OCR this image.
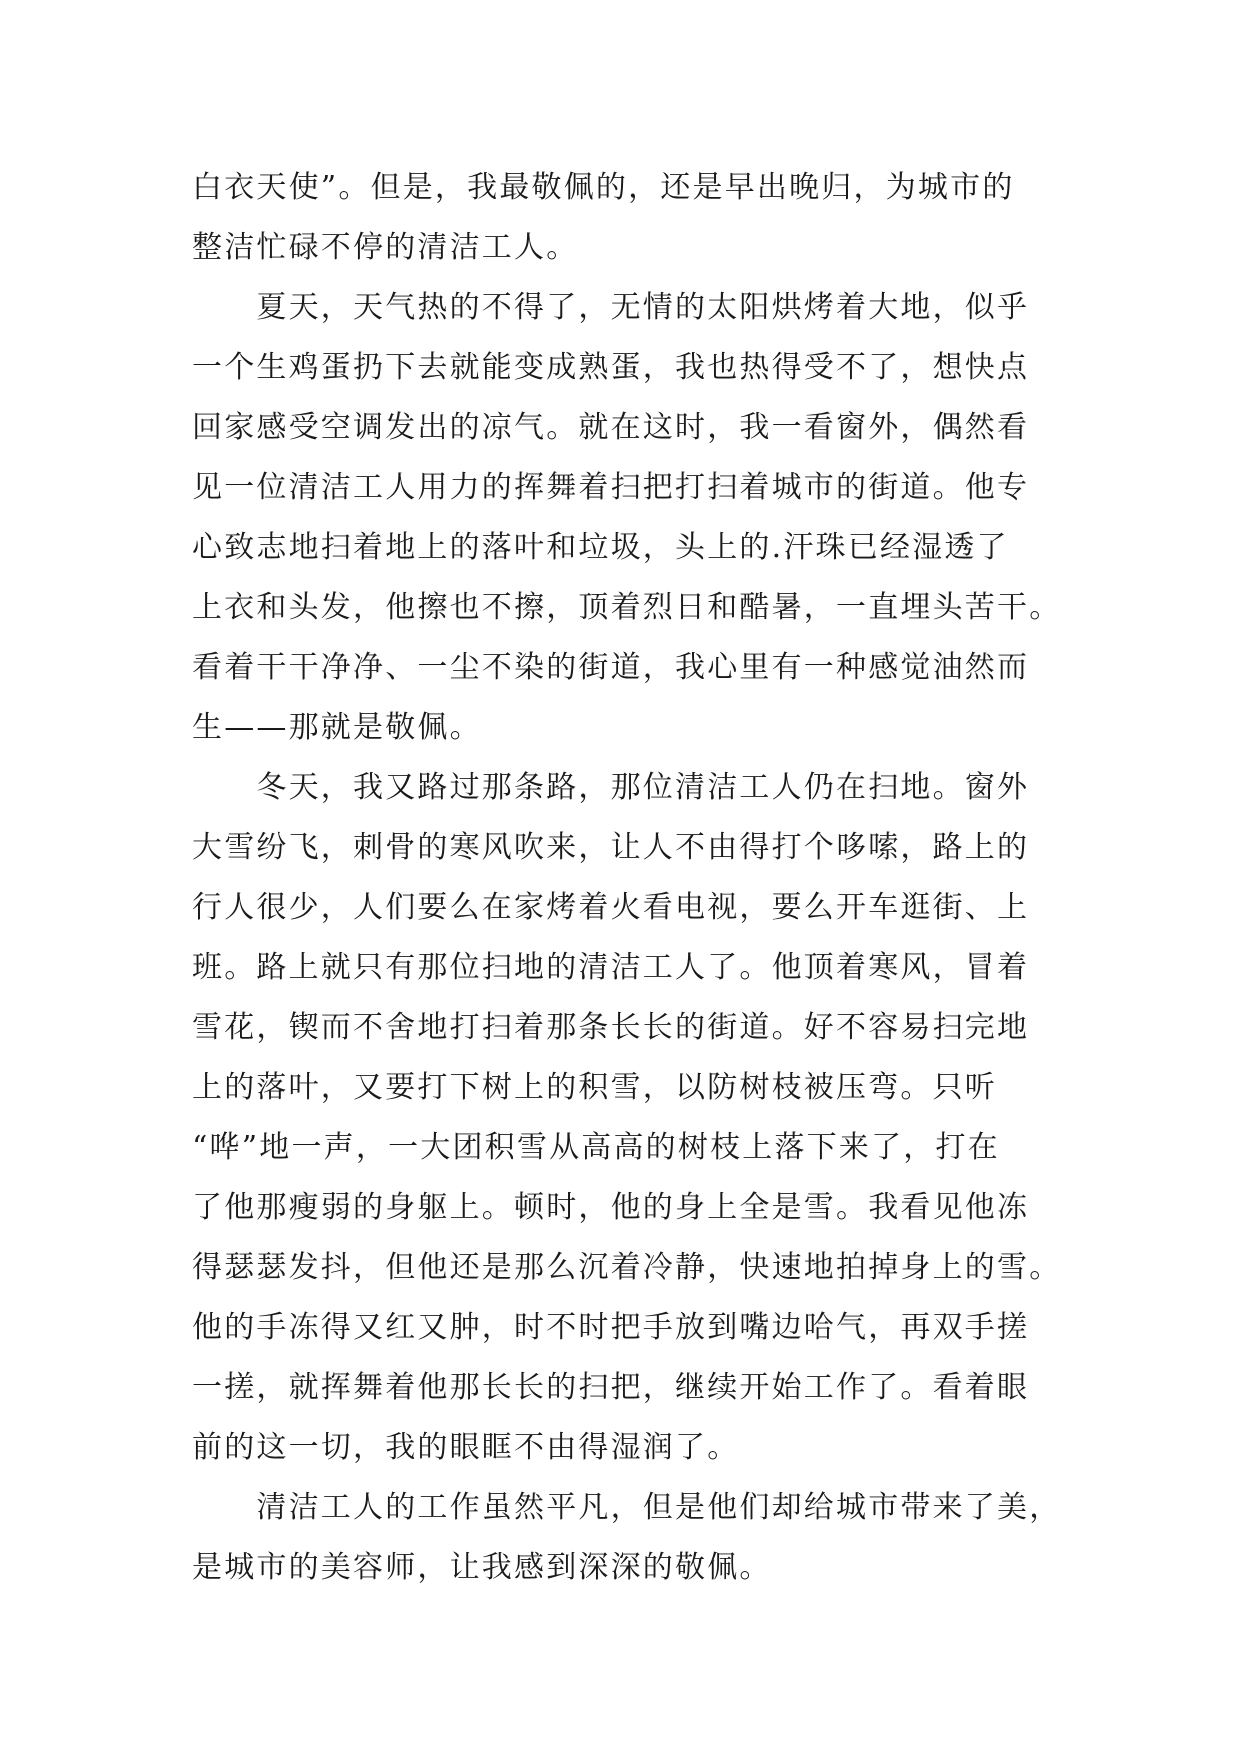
白衣天使”。但是，我最敬佩的，还是早出晚归，为城市的
整洁忙碌不停的清洁工人。
　　夏天，天气热的不得了，无情的太阳烘烤着大地，似乎
一个生鸡蛋扔下去就能变成熟蛋，我也热得受不了，想快点
回家感受空调发出的凉气。就在这时，我一看窗外，偶然看
见一位清洁工人用力的挥舞着扫把打扫着城市的街道。他专
心致志地扫着地上的落叶和垃圾，头上的.汗珠已经湿透了
上衣和头发，他擦也不擦，顶着烈日和酷暑，一直埋头苦干。
看着干干净净、一尘不染的街道，我心里有一种感觉油然而
生——那就是敬佩。
　　冬天，我又路过那条路，那位清洁工人仍在扫地。窗外
大雪纷飞，刺骨的寒风吹来，让人不由得打个哆嗦，路上的
行人很少，人们要么在家烤着火看电视，要么开车逛街、上
班。路上就只有那位扫地的清洁工人了。他顶着寒风，冒着
雪花，锲而不舍地打扫着那条长长的街道。好不容易扫完地
上的落叶，又要打下树上的积雪，以防树枝被压弯。只听
“哗”地一声，一大团积雪从高高的树枝上落下来了，打在
了他那瘦弱的身躯上。顿时，他的身上全是雪。我看见他冻
得瑟瑟发抖，但他还是那么沉着冷静，快速地拍掉身上的雪。
他的手冻得又红又肿，时不时把手放到嘴边哈气，再双手搓
一搓，就挥舞着他那长长的扫把，继续开始工作了。看着眼
前的这一切，我的眼眶不由得湿润了。
　　清洁工人的工作虽然平凡，但是他们却给城市带来了美，
是城市的美容师，让我感到深深的敬佩。
